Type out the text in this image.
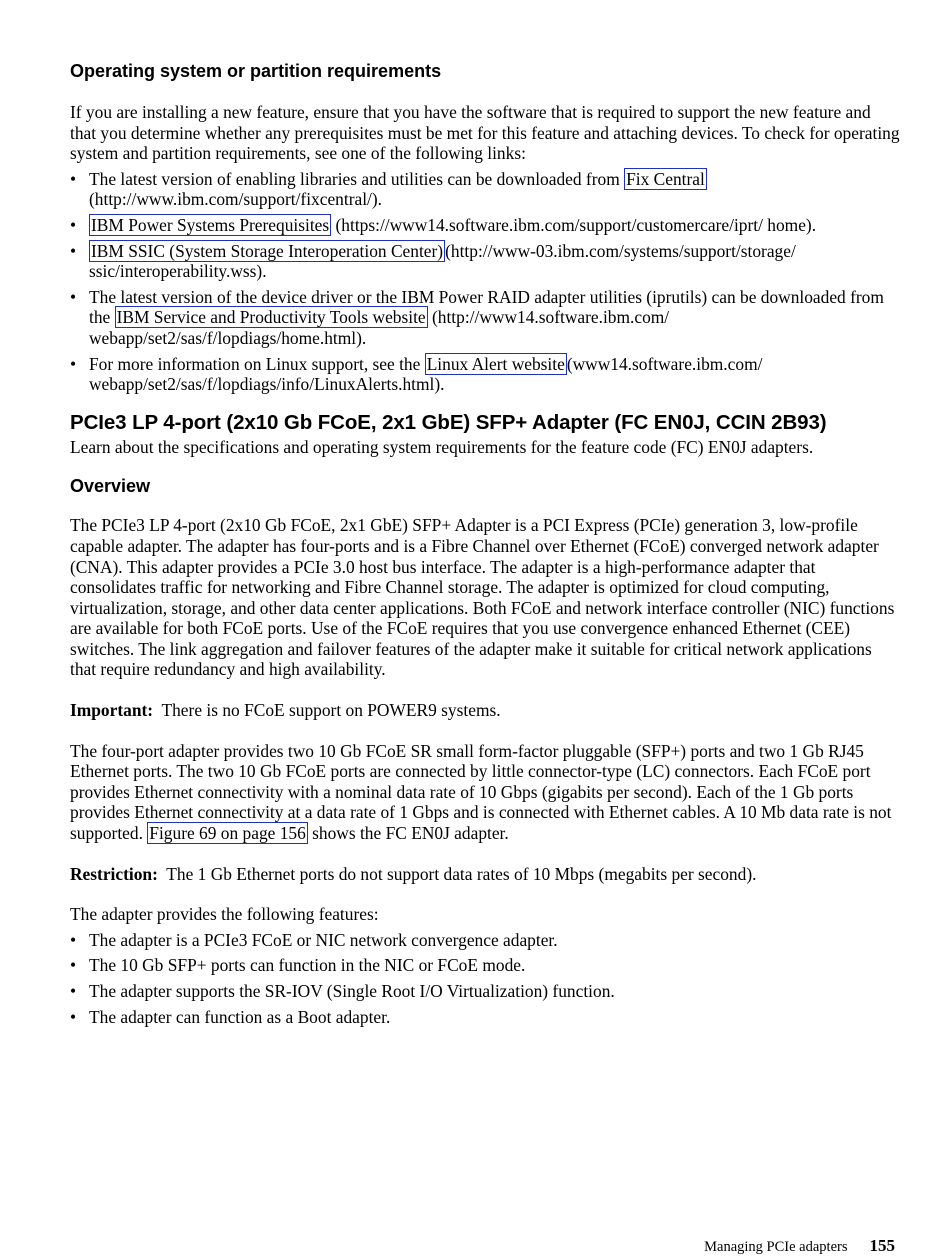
Operating system or partition requirements

If you are installing a new feature, ensure that you have the software that is required to support the new feature and that you determine whether any prerequisites must be met for this feature and attaching devices. To check for operating system and partition requirements, see one of the following links:

• The latest version of enabling libraries and utilities can be downloaded from Fix Central (http://www.ibm.com/support/fixcentral/).
• IBM Power Systems Prerequisites (https://www14.software.ibm.com/support/customercare/iprt/ home).
• IBM SSIC (System Storage Interoperation Center) (http://www-03.ibm.com/systems/support/storage/ ssic/interoperability.wss).
• The latest version of the device driver or the IBM Power RAID adapter utilities (iprutils) can be downloaded from the IBM Service and Productivity Tools website (http://www14.software.ibm.com/ webapp/set2/sas/f/lopdiags/home.html).
• For more information on Linux support, see the Linux Alert website (www14.software.ibm.com/ webapp/set2/sas/f/lopdiags/info/LinuxAlerts.html).
PCIe3 LP 4-port (2x10 Gb FCoE, 2x1 GbE) SFP+ Adapter (FC EN0J, CCIN 2B93)

Learn about the specifications and operating system requirements for the feature code (FC) EN0J adapters.

Overview

The PCIe3 LP 4-port (2x10 Gb FCoE, 2x1 GbE) SFP+ Adapter is a PCI Express (PCIe) generation 3, low-profile capable adapter. The adapter has four-ports and is a Fibre Channel over Ethernet (FCoE) converged network adapter (CNA). This adapter provides a PCIe 3.0 host bus interface. The adapter is a high-performance adapter that consolidates traffic for networking and Fibre Channel storage. The adapter is optimized for cloud computing, virtualization, storage, and other data center applications. Both FCoE and network interface controller (NIC) functions are available for both FCoE ports. Use of the FCoE requires that you use convergence enhanced Ethernet (CEE) switches. The link aggregation and failover features of the adapter make it suitable for critical network applications that require redundancy and high availability.

Important: There is no FCoE support on POWER9 systems.

The four-port adapter provides two 10 Gb FCoE SR small form-factor pluggable (SFP+) ports and two 1 Gb RJ45 Ethernet ports. The two 10 Gb FCoE ports are connected by little connector-type (LC) connectors. Each FCoE port provides Ethernet connectivity with a nominal data rate of 10 Gbps (gigabits per second). Each of the 1 Gb ports provides Ethernet connectivity at a data rate of 1 Gbps and is connected with Ethernet cables. A 10 Mb data rate is not supported. Figure 69 on page 156 shows the FC EN0J adapter.

Restriction: The 1 Gb Ethernet ports do not support data rates of 10 Mbps (megabits per second).

The adapter provides the following features:

• The adapter is a PCIe3 FCoE or NIC network convergence adapter.
• The 10 Gb SFP+ ports can function in the NIC or FCoE mode.
• The adapter supports the SR-IOV (Single Root I/O Virtualization) function.
• The adapter can function as a Boot adapter.
Managing PCIe adapters 155
